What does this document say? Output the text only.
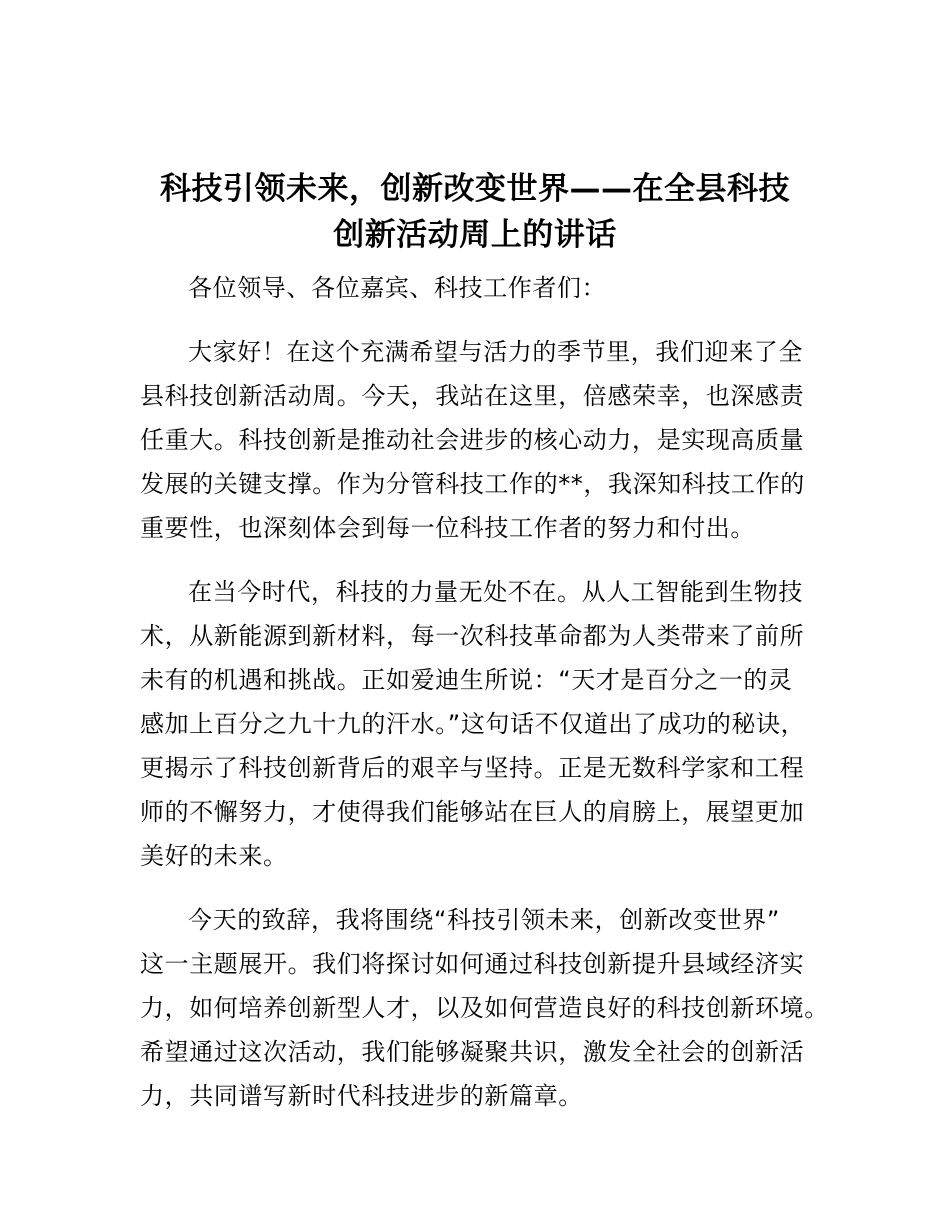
科技引领未来，创新改变世界——在全县科技
创新活动周上的讲话

各位领导、各位嘉宾、科技工作者们：

大家好！在这个充满希望与活力的季节里，我们迎来了全
县科技创新活动周。今天，我站在这里，倍感荣幸，也深感责
任重大。科技创新是推动社会进步的核心动力，是实现高质量
发展的关键支撑。作为分管科技工作的**，我深知科技工作的
重要性，也深刻体会到每一位科技工作者的努力和付出。

在当今时代，科技的力量无处不在。从人工智能到生物技
术，从新能源到新材料，每一次科技革命都为人类带来了前所
未有的机遇和挑战。正如爱迪生所说：“天才是百分之一的灵
感加上百分之九十九的汗水。”这句话不仅道出了成功的秘诀，
更揭示了科技创新背后的艰辛与坚持。正是无数科学家和工程
师的不懈努力，才使得我们能够站在巨人的肩膀上，展望更加
美好的未来。

今天的致辞，我将围绕“科技引领未来，创新改变世界”
这一主题展开。我们将探讨如何通过科技创新提升县域经济实
力，如何培养创新型人才，以及如何营造良好的科技创新环境。
希望通过这次活动，我们能够凝聚共识，激发全社会的创新活
力，共同谱写新时代科技进步的新篇章。
